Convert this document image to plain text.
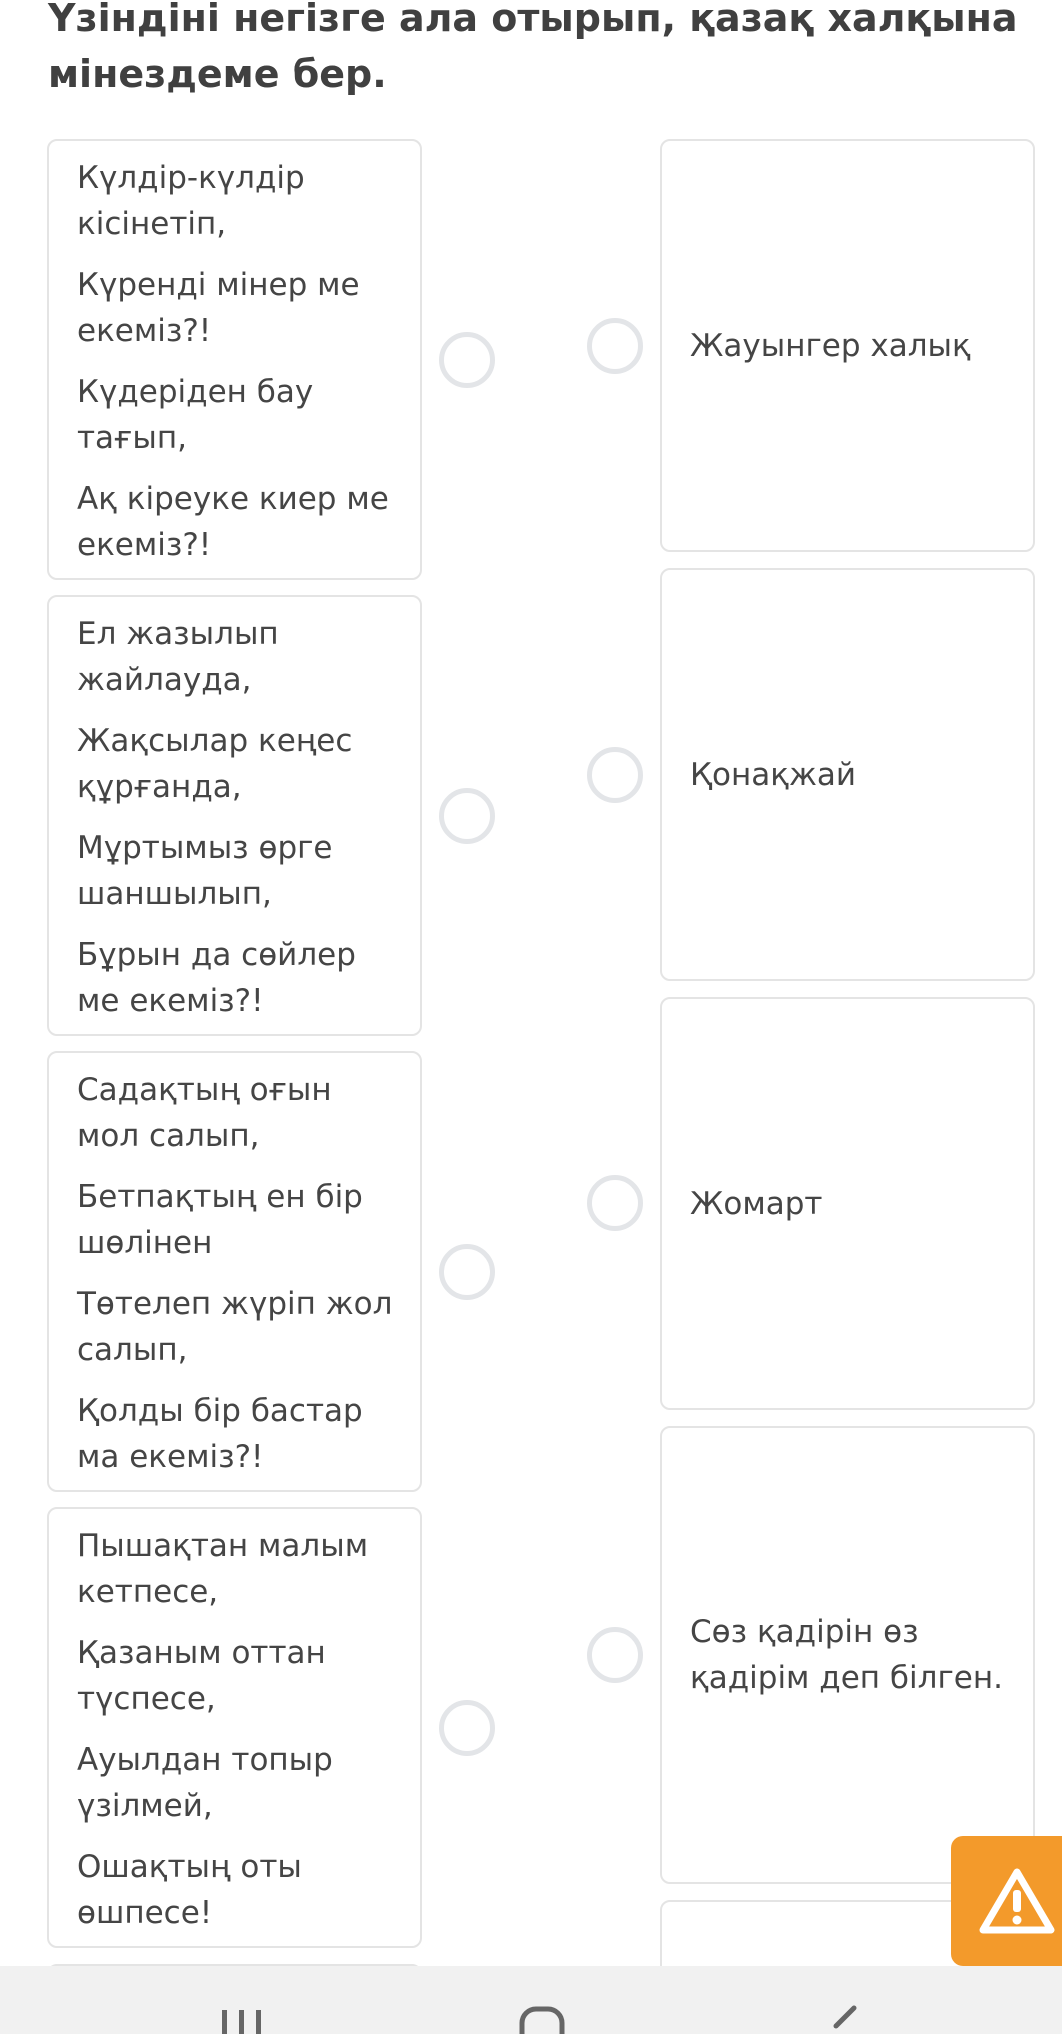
Үзіндіні негізге ала отырып, қазақ халқына мінездеме бер.
Күлдір-күлдір кісінетіп,
Күренді мінер ме екеміз?!
Күдеріден бау тағып,
Ақ кіреуке киер ме екеміз?!
Ел жазылып жайлауда,
Жақсылар кеңес құрғанда,
Мұртымыз өрге шаншылып,
Бұрын да сөйлер ме екеміз?!
Садақтың оғын мол салып,
Бетпақтың ен бір шөлінен
Төтелеп жүріп жол салып,
Қолды бір бастар ма екеміз?!
Пышақтан малым кетпесе,
Қазаным оттан түспесе,
Ауылдан топыр үзілмей,
Ошақтың оты өшпесе!
Жауынгер халық
Қонақжай
Жомарт
Сөз қадірін өз қадірім деп білген.
